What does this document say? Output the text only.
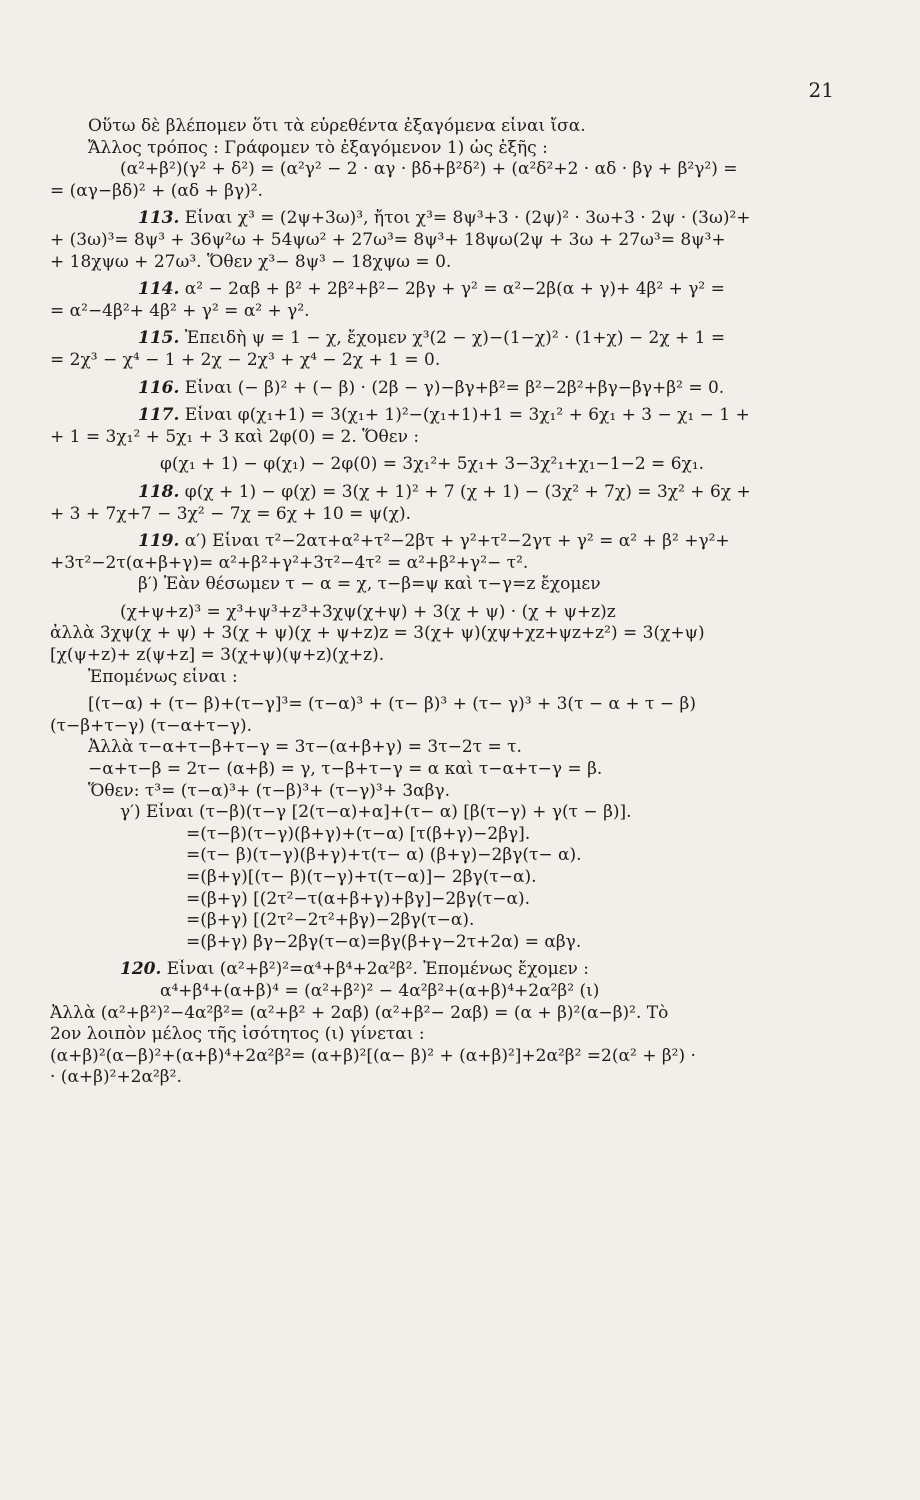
21
Οὕτω δὲ βλέπομεν ὅτι τὰ εὑρεθέντα ἐξαγόμενα εἶναι ἴσα.
Ἄλλος τρόπος : Γράφομεν τὸ ἐξαγόμενον 1) ὡς ἑξῆς :
(α²+β²)(γ² + δ²) = (α²γ² − 2 · αγ · βδ+β²δ²) + (α²δ²+2 · αδ · βγ + β²γ²) =
= (αγ−βδ)² + (αδ + βγ)².
113. Εἶναι χ³ = (2ψ+3ω)³, ἤτοι χ³= 8ψ³+3 · (2ψ)² · 3ω+3 · 2ψ · (3ω)²+
+ (3ω)³= 8ψ³ + 36ψ²ω + 54ψω² + 27ω³= 8ψ³+ 18ψω(2ψ + 3ω + 27ω³= 8ψ³+
+ 18χψω + 27ω³. Ὅθεν χ³− 8ψ³ − 18χψω = 0.
114. α² − 2αβ + β² + 2β²+β²− 2βγ + γ² = α²−2β(α + γ)+ 4β² + γ² =
= α²−4β²+ 4β² + γ² = α² + γ².
115. Ἐπειδὴ ψ = 1 − χ, ἔχομεν χ³(2 − χ)−(1−χ)² · (1+χ) − 2χ + 1 =
= 2χ³ − χ⁴ − 1 + 2χ − 2χ³ + χ⁴ − 2χ + 1 = 0.
116. Εἶναι (− β)² + (− β) · (2β − γ)−βγ+β²= β²−2β²+βγ−βγ+β² = 0.
117. Εἶναι φ(χ₁+1) = 3(χ₁+ 1)²−(χ₁+1)+1 = 3χ₁² + 6χ₁ + 3 − χ₁ − 1 +
+ 1 = 3χ₁² + 5χ₁ + 3 καὶ 2φ(0) = 2. Ὅθεν :
φ(χ₁ + 1) − φ(χ₁) − 2φ(0) = 3χ₁²+ 5χ₁+ 3−3χ²₁+χ₁−1−2 = 6χ₁.
118. φ(χ + 1) − φ(χ) = 3(χ + 1)² + 7 (χ + 1) − (3χ² + 7χ) = 3χ² + 6χ +
+ 3 + 7χ+7 − 3χ² − 7χ = 6χ + 10 = ψ(χ).
119. α′) Εἶναι τ²−2ατ+α²+τ²−2βτ + γ²+τ²−2γτ + γ² = α² + β² +γ²+
+3τ²−2τ(α+β+γ)= α²+β²+γ²+3τ²−4τ² = α²+β²+γ²− τ².
β′) Ἐὰν θέσωμεν τ − α = χ, τ−β=ψ καὶ τ−γ=z ἔχομεν
(χ+ψ+z)³ = χ³+ψ³+z³+3χψ(χ+ψ) + 3(χ + ψ) · (χ + ψ+z)z
ἀλλὰ 3χψ(χ + ψ) + 3(χ + ψ)(χ + ψ+z)z = 3(χ+ ψ)(χψ+χz+ψz+z²) = 3(χ+ψ)
[χ(ψ+z)+ z(ψ+z] = 3(χ+ψ)(ψ+z)(χ+z).
Ἑπομένως εἶναι :
[(τ−α) + (τ− β)+(τ−γ]³= (τ−α)³ + (τ− β)³ + (τ− γ)³ + 3(τ − α + τ − β)
(τ−β+τ−γ) (τ−α+τ−γ).
Ἀλλὰ τ−α+τ−β+τ−γ = 3τ−(α+β+γ) = 3τ−2τ = τ.
−α+τ−β = 2τ− (α+β) = γ, τ−β+τ−γ = α καὶ τ−α+τ−γ = β.
Ὅθεν: τ³= (τ−α)³+ (τ−β)³+ (τ−γ)³+ 3αβγ.
γ′) Εἶναι (τ−β)(τ−γ [2(τ−α)+α]+(τ− α) [β(τ−γ) + γ(τ − β)].
=(τ−β)(τ−γ)(β+γ)+(τ−α) [τ(β+γ)−2βγ].
=(τ− β)(τ−γ)(β+γ)+τ(τ− α) (β+γ)−2βγ(τ− α).
=(β+γ)[(τ− β)(τ−γ)+τ(τ−α)]− 2βγ(τ−α).
=(β+γ) [(2τ²−τ(α+β+γ)+βγ]−2βγ(τ−α).
=(β+γ) [(2τ²−2τ²+βγ)−2βγ(τ−α).
=(β+γ) βγ−2βγ(τ−α)=βγ(β+γ−2τ+2α) = αβγ.
120. Εἶναι (α²+β²)²=α⁴+β⁴+2α²β². Ἑπομένως ἔχομεν :
α⁴+β⁴+(α+β)⁴ = (α²+β²)² − 4α²β²+(α+β)⁴+2α²β² (ι)
Ἀλλὰ (α²+β²)²−4α²β²= (α²+β² + 2αβ) (α²+β²− 2αβ) = (α + β)²(α−β)². Τὸ
2ον λοιπὸν μέλος τῆς ἰσότητος (ι) γίνεται :
(α+β)²(α−β)²+(α+β)⁴+2α²β²= (α+β)²[(α− β)² + (α+β)²]+2α²β² =2(α² + β²) ·
· (α+β)²+2α²β².
